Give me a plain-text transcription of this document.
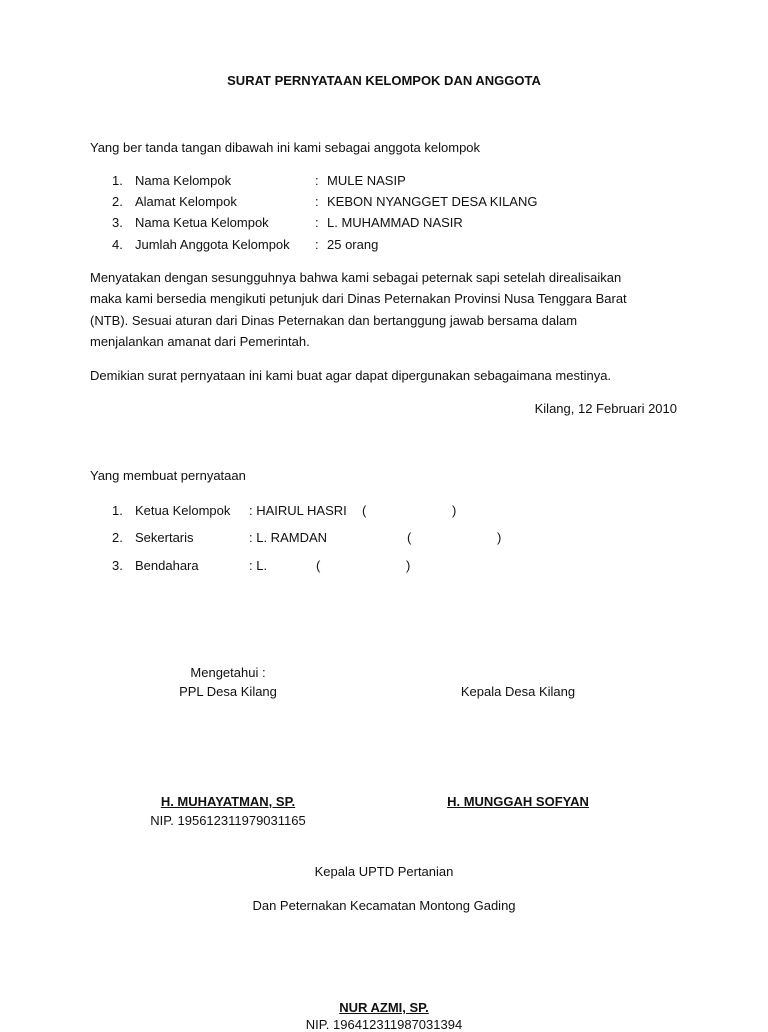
SURAT PERNYATAAN KELOMPOK DAN ANGGOTA
Yang ber tanda tangan dibawah ini kami sebagai anggota kelompok
1. Nama Kelompok	: MULE NASIP
2. Alamat Kelompok	: KEBON NYANGGET DESA KILANG
3. Nama Ketua Kelompok	: L. MUHAMMAD NASIR
4. Jumlah Anggota Kelompok : 25 orang
Menyatakan dengan sesungguhnya bahwa kami sebagai peternak sapi setelah direalisaikan
maka kami bersedia mengikuti petunjuk dari Dinas Peternakan Provinsi Nusa Tenggara Barat
(NTB). Sesuai aturan dari Dinas Peternakan dan bertanggung jawab bersama dalam
menjalankan amanat dari Pemerintah.
Demikian surat pernyataan ini kami buat agar dapat dipergunakan sebagaimana mestinya.
Kilang, 12 Februari 2010
Yang membuat pernyataan
1. Ketua Kelompok : HAIRUL HASRI (	)
2. Sekertaris	: L. RAMDAN	(	)
3. Bendahara	: L.	(	)
Mengetahui :
PPL Desa Kilang	Kepala Desa Kilang
H. MUHAYATMAN, SP.	H. MUNGGAH SOFYAN
NIP. 195612311979031165
Kepala UPTD Pertanian
Dan Peternakan Kecamatan Montong Gading
NUR AZMI, SP.
NIP. 196412311987031394
